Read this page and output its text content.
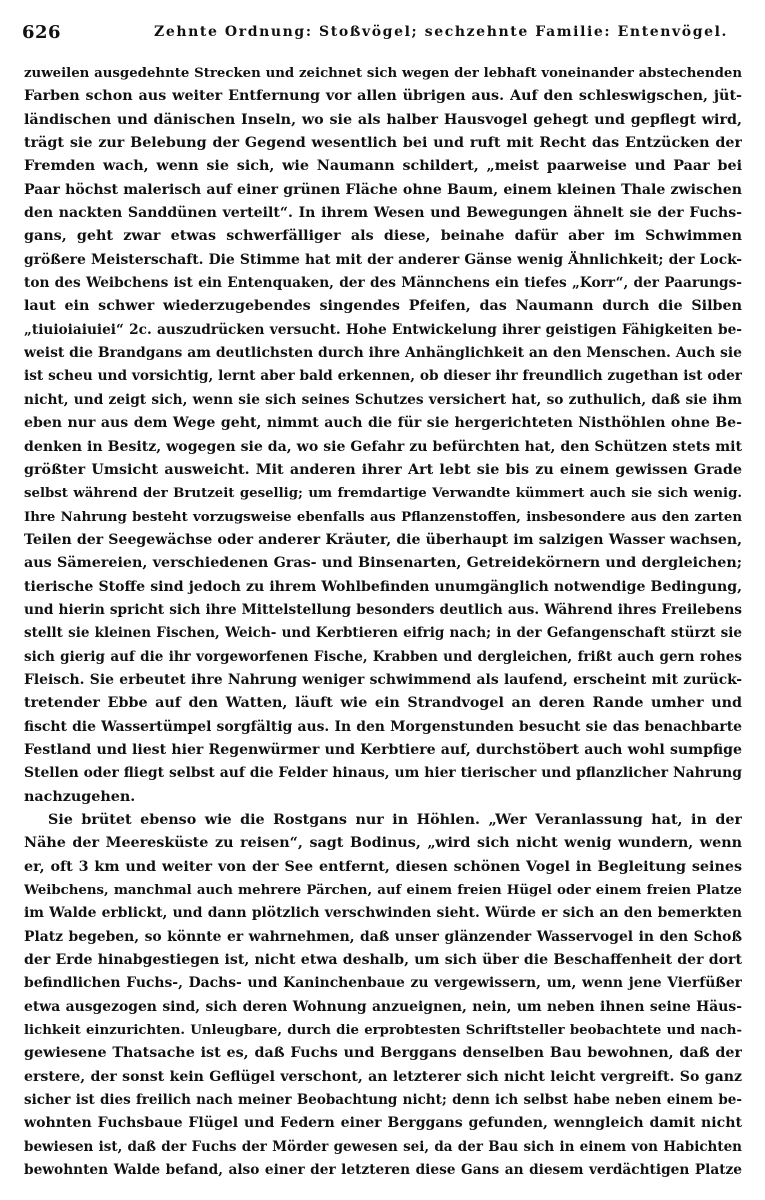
626	Zehnte Ordnung: Stoßvögel; sechzehnte Familie: Entenvögel.
zuweilen ausgedehnte Strecken und zeichnet sich wegen der lebhaft voneinander abstechenden
Farben schon aus weiter Entfernung vor allen übrigen aus. Auf den schleswigschen, jüt-
ländischen und dänischen Inseln, wo sie als halber Hausvogel gehegt und gepflegt wird,
trägt sie zur Belebung der Gegend wesentlich bei und ruft mit Recht das Entzücken der
Fremden wach, wenn sie sich, wie Naumann schildert, „meist paarweise und Paar bei
Paar höchst malerisch auf einer grünen Fläche ohne Baum, einem kleinen Thale zwischen
den nackten Sanddünen verteilt“. In ihrem Wesen und Bewegungen ähnelt sie der Fuchs-
gans, geht zwar etwas schwerfälliger als diese, beinahe dafür aber im Schwimmen
größere Meisterschaft. Die Stimme hat mit der anderer Gänse wenig Ähnlichkeit; der Lock-
ton des Weibchens ist ein Entenquaken, der des Männchens ein tiefes „Korr“, der Paarungs-
laut ein schwer wiederzugebendes singendes Pfeifen, das Naumann durch die Silben
„tiuioiaiuiei“ 2c. auszudrücken versucht. Hohe Entwickelung ihrer geistigen Fähigkeiten be-
weist die Brandgans am deutlichsten durch ihre Anhänglichkeit an den Menschen. Auch sie
ist scheu und vorsichtig, lernt aber bald erkennen, ob dieser ihr freundlich zugethan ist oder
nicht, und zeigt sich, wenn sie sich seines Schutzes versichert hat, so zuthulich, daß sie ihm
eben nur aus dem Wege geht, nimmt auch die für sie hergerichteten Nisthöhlen ohne Be-
denken in Besitz, wogegen sie da, wo sie Gefahr zu befürchten hat, den Schützen stets mit
größter Umsicht ausweicht. Mit anderen ihrer Art lebt sie bis zu einem gewissen Grade
selbst während der Brutzeit gesellig; um fremdartige Verwandte kümmert auch sie sich wenig.
Ihre Nahrung besteht vorzugsweise ebenfalls aus Pflanzenstoffen, insbesondere aus den zarten
Teilen der Seegewächse oder anderer Kräuter, die überhaupt im salzigen Wasser wachsen,
aus Sämereien, verschiedenen Gras- und Binsenarten, Getreidekörnern und dergleichen;
tierische Stoffe sind jedoch zu ihrem Wohlbefinden unumgänglich notwendige Bedingung,
und hierin spricht sich ihre Mittelstellung besonders deutlich aus. Während ihres Freilebens
stellt sie kleinen Fischen, Weich- und Kerbtieren eifrig nach; in der Gefangenschaft stürzt sie
sich gierig auf die ihr vorgeworfenen Fische, Krabben und dergleichen, frißt auch gern rohes
Fleisch. Sie erbeutet ihre Nahrung weniger schwimmend als laufend, erscheint mit zurück-
tretender Ebbe auf den Watten, läuft wie ein Strandvogel an deren Rande umher und
fischt die Wassertümpel sorgfältig aus. In den Morgenstunden besucht sie das benachbarte
Festland und liest hier Regenwürmer und Kerbtiere auf, durchstöbert auch wohl sumpfige
Stellen oder fliegt selbst auf die Felder hinaus, um hier tierischer und pflanzlicher Nahrung
nachzugehen.
Sie brütet ebenso wie die Rostgans nur in Höhlen. „Wer Veranlassung hat, in der
Nähe der Meeresküste zu reisen“, sagt Bodinus, „wird sich nicht wenig wundern, wenn
er, oft 3 km und weiter von der See entfernt, diesen schönen Vogel in Begleitung seines
Weibchens, manchmal auch mehrere Pärchen, auf einem freien Hügel oder einem freien Platze
im Walde erblickt, und dann plötzlich verschwinden sieht. Würde er sich an den bemerkten
Platz begeben, so könnte er wahrnehmen, daß unser glänzender Wasservogel in den Schoß
der Erde hinabgestiegen ist, nicht etwa deshalb, um sich über die Beschaffenheit der dort
befindlichen Fuchs-, Dachs- und Kaninchenbaue zu vergewissern, um, wenn jene Vierfüßer
etwa ausgezogen sind, sich deren Wohnung anzueignen, nein, um neben ihnen seine Häus-
lichkeit einzurichten. Unleugbare, durch die erprobtesten Schriftsteller beobachtete und nach-
gewiesene Thatsache ist es, daß Fuchs und Berggans denselben Bau bewohnen, daß der
erstere, der sonst kein Geflügel verschont, an letzterer sich nicht leicht vergreift. So ganz
sicher ist dies freilich nach meiner Beobachtung nicht; denn ich selbst habe neben einem be-
wohnten Fuchsbaue Flügel und Federn einer Berggans gefunden, wenngleich damit nicht
bewiesen ist, daß der Fuchs der Mörder gewesen sei, da der Bau sich in einem von Habichten
bewohnten Walde befand, also einer der letzteren diese Gans an diesem verdächtigen Platze
